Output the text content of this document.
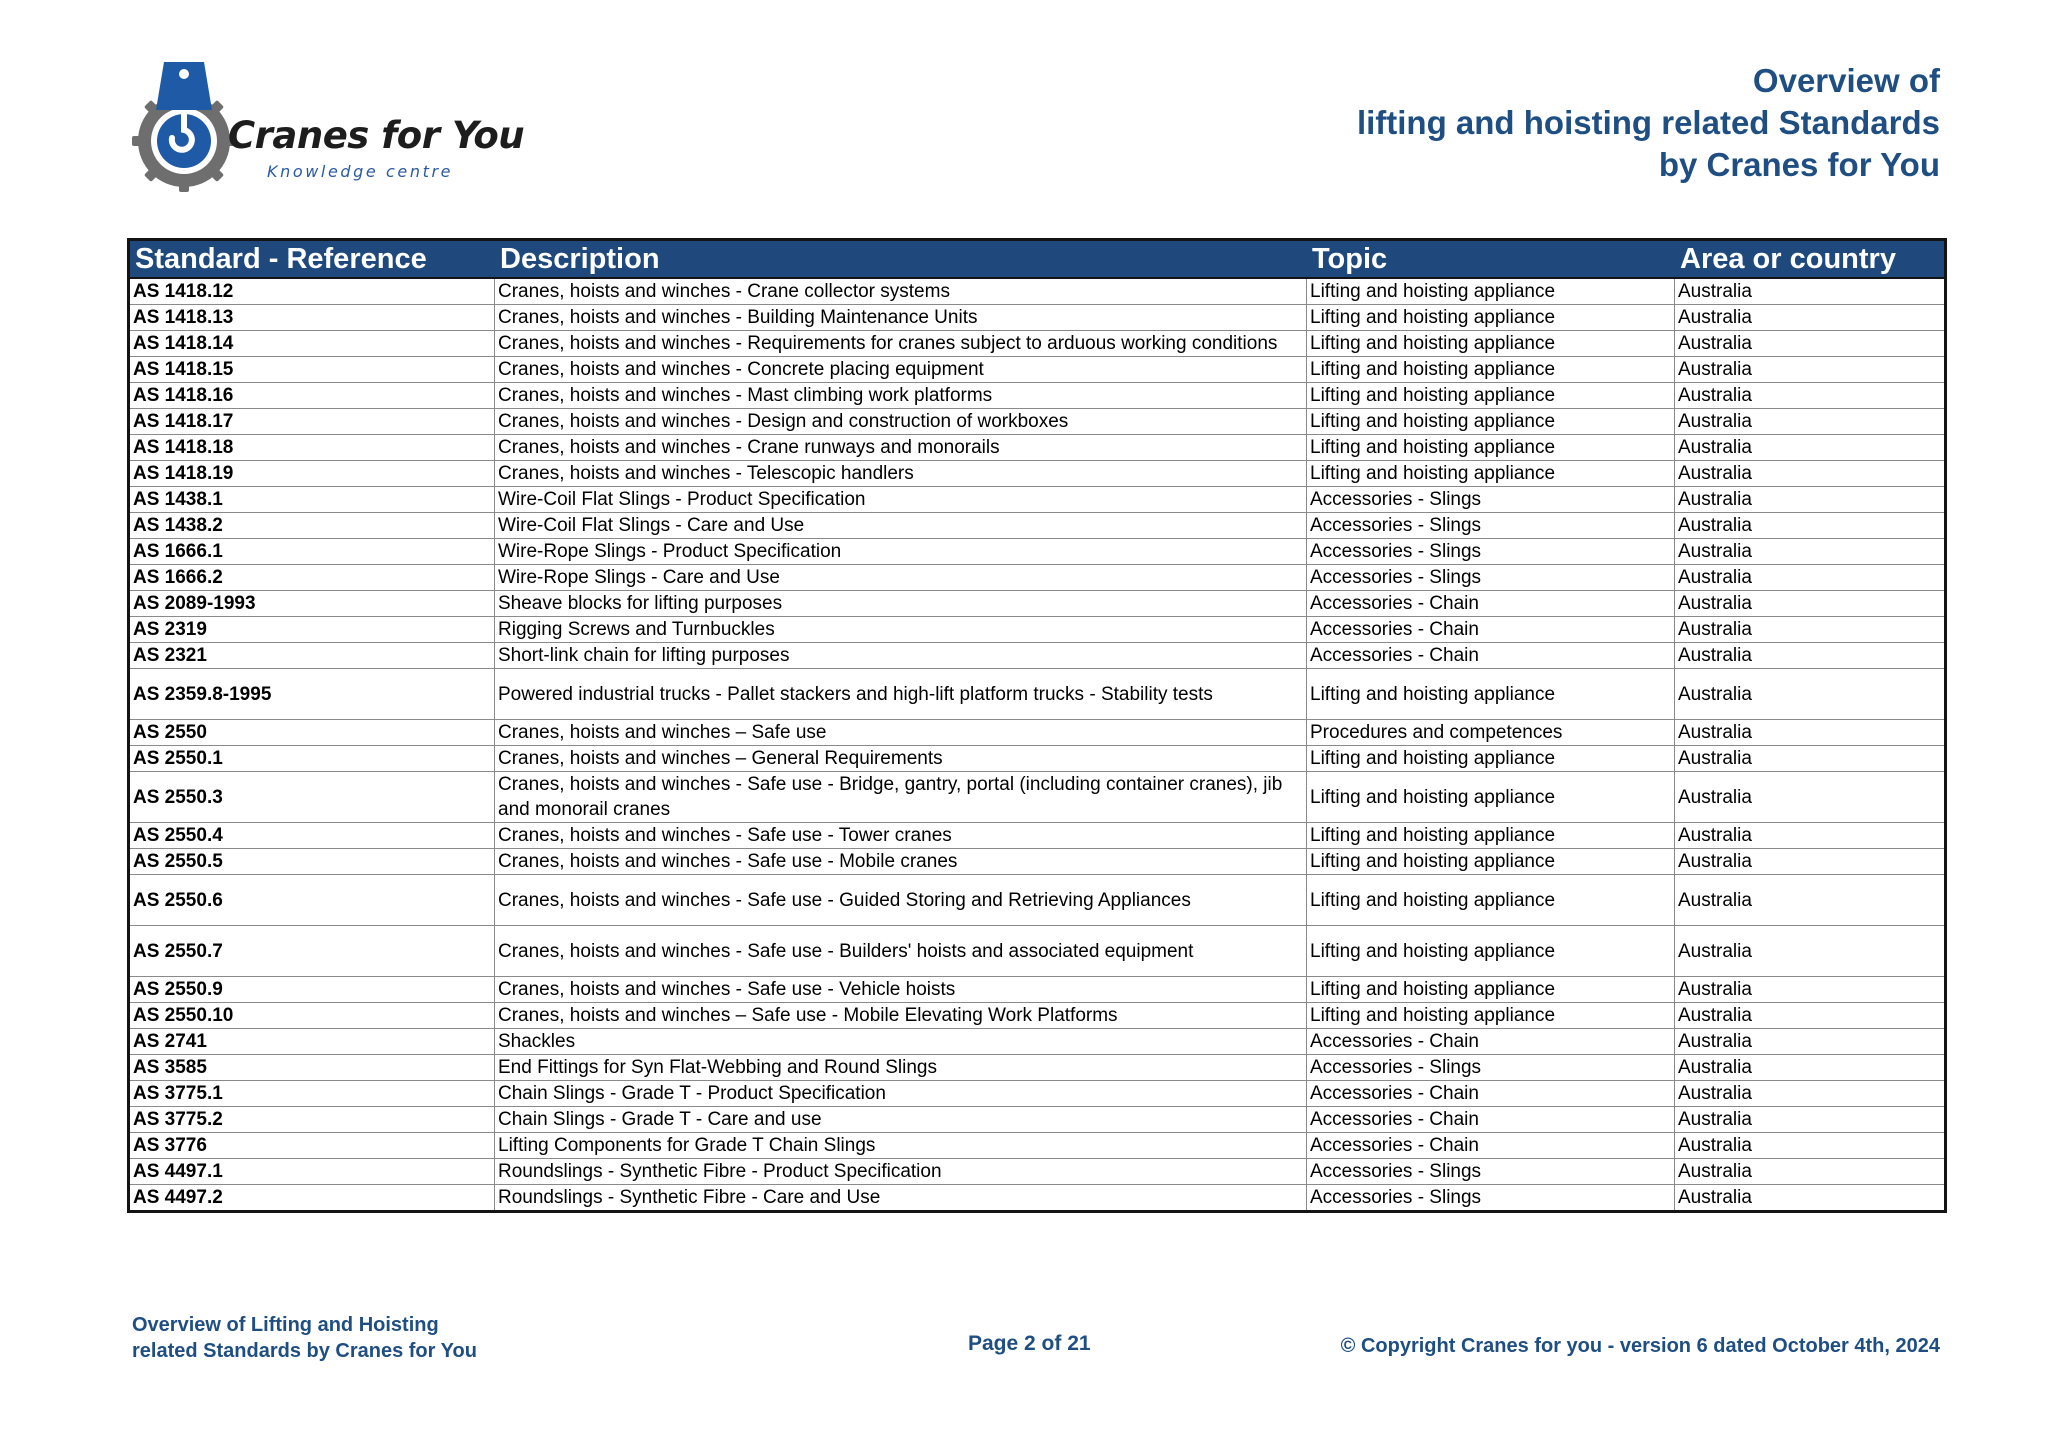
Cranes for You
Knowledge centre
Overview of
lifting and hoisting related Standards
by Cranes for You
Standard - Reference	Description	Topic	Area or country
AS 1418.12	Cranes, hoists and winches - Crane collector systems	Lifting and hoisting appliance	Australia
AS 1418.13	Cranes, hoists and winches - Building Maintenance Units	Lifting and hoisting appliance	Australia
AS 1418.14	Cranes, hoists and winches - Requirements for cranes subject to arduous working conditions	Lifting and hoisting appliance	Australia
AS 1418.15	Cranes, hoists and winches - Concrete placing equipment	Lifting and hoisting appliance	Australia
AS 1418.16	Cranes, hoists and winches - Mast climbing work platforms	Lifting and hoisting appliance	Australia
AS 1418.17	Cranes, hoists and winches - Design and construction of workboxes	Lifting and hoisting appliance	Australia
AS 1418.18	Cranes, hoists and winches - Crane runways and monorails	Lifting and hoisting appliance	Australia
AS 1418.19	Cranes, hoists and winches - Telescopic handlers	Lifting and hoisting appliance	Australia
AS 1438.1	Wire-Coil Flat Slings - Product Specification	Accessories - Slings	Australia
AS 1438.2	Wire-Coil Flat Slings - Care and Use	Accessories - Slings	Australia
AS 1666.1	Wire-Rope Slings - Product Specification	Accessories - Slings	Australia
AS 1666.2	Wire-Rope Slings - Care and Use	Accessories - Slings	Australia
AS 2089-1993	Sheave blocks for lifting purposes	Accessories - Chain	Australia
AS 2319	Rigging Screws and Turnbuckles	Accessories - Chain	Australia
AS 2321	Short-link chain for lifting purposes	Accessories - Chain	Australia
AS 2359.8-1995	Powered industrial trucks - Pallet stackers and high-lift platform trucks - Stability tests	Lifting and hoisting appliance	Australia
AS 2550	Cranes, hoists and winches – Safe use	Procedures and competences	Australia
AS 2550.1	Cranes, hoists and winches – General Requirements	Lifting and hoisting appliance	Australia
AS 2550.3	Cranes, hoists and winches - Safe use - Bridge, gantry, portal (including container cranes), jib and monorail cranes	Lifting and hoisting appliance	Australia
AS 2550.4	Cranes, hoists and winches - Safe use - Tower cranes	Lifting and hoisting appliance	Australia
AS 2550.5	Cranes, hoists and winches - Safe use - Mobile cranes	Lifting and hoisting appliance	Australia
AS 2550.6	Cranes, hoists and winches - Safe use - Guided Storing and Retrieving Appliances	Lifting and hoisting appliance	Australia
AS 2550.7	Cranes, hoists and winches - Safe use - Builders' hoists and associated equipment	Lifting and hoisting appliance	Australia
AS 2550.9	Cranes, hoists and winches - Safe use - Vehicle hoists	Lifting and hoisting appliance	Australia
AS 2550.10	Cranes, hoists and winches – Safe use - Mobile Elevating Work Platforms	Lifting and hoisting appliance	Australia
AS 2741	Shackles	Accessories - Chain	Australia
AS 3585	End Fittings for Syn Flat-Webbing and Round Slings	Accessories - Slings	Australia
AS 3775.1	Chain Slings - Grade T - Product Specification	Accessories - Chain	Australia
AS 3775.2	Chain Slings - Grade T - Care and use	Accessories - Chain	Australia
AS 3776	Lifting Components for Grade T Chain Slings	Accessories - Chain	Australia
AS 4497.1	Roundslings - Synthetic Fibre - Product Specification	Accessories - Slings	Australia
AS 4497.2	Roundslings - Synthetic Fibre - Care and Use	Accessories - Slings	Australia
Overview of Lifting and Hoisting
related Standards by Cranes for You	Page 2 of 21	© Copyright Cranes for you - version 6 dated October 4th, 2024
